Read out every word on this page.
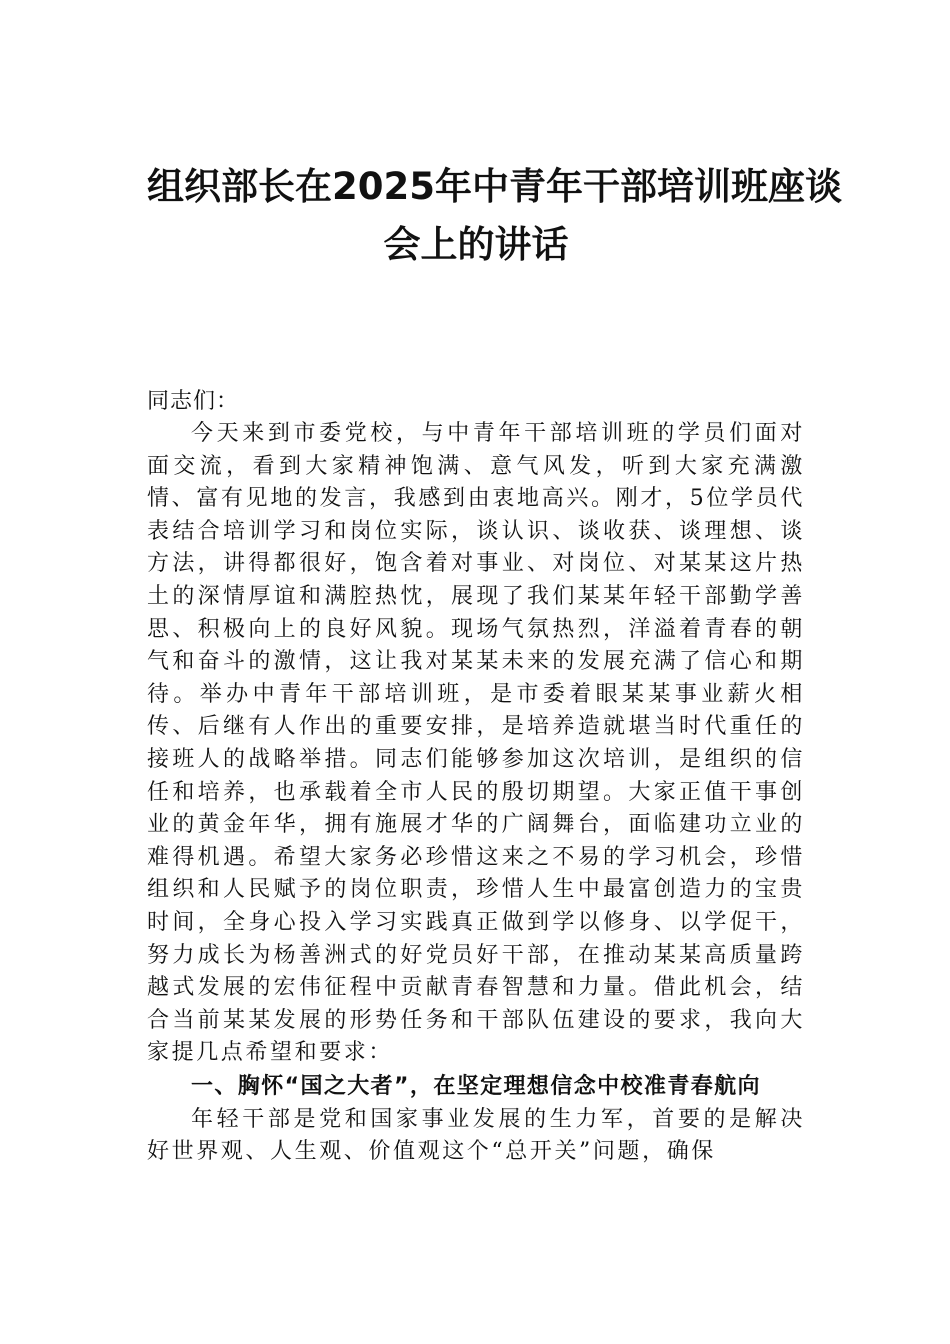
组织部长在2025年中青年干部培训班座谈
会上的讲话

同志们：

今天来到市委党校，与中青年干部培训班的学员们面对面交流，看到大家精神饱满、意气风发，听到大家充满激情、富有见地的发言，我感到由衷地高兴。刚才，5位学员代表结合培训学习和岗位实际，谈认识、谈收获、谈理想、谈方法，讲得都很好，饱含着对事业、对岗位、对某某这片热土的深情厚谊和满腔热忱，展现了我们某某年轻干部勤学善思、积极向上的良好风貌。现场气氛热烈，洋溢着青春的朝气和奋斗的激情，这让我对某某未来的发展充满了信心和期待。举办中青年干部培训班，是市委着眼某某事业薪火相传、后继有人作出的重要安排，是培养造就堪当时代重任的接班人的战略举措。同志们能够参加这次培训，是组织的信任和培养，也承载着全市人民的殷切期望。大家正值干事创业的黄金年华，拥有施展才华的广阔舞台，面临建功立业的难得机遇。希望大家务必珍惜这来之不易的学习机会，珍惜组织和人民赋予的岗位职责，珍惜人生中最富创造力的宝贵时间，全身心投入学习实践真正做到学以修身、以学促干，努力成长为杨善洲式的好党员好干部，在推动某某高质量跨越式发展的宏伟征程中贡献青春智慧和力量。借此机会，结合当前某某发展的形势任务和干部队伍建设的要求，我向大家提几点希望和要求：

一、胸怀“国之大者”，在坚定理想信念中校准青春航向

年轻干部是党和国家事业发展的生力军，首要的是解决好世界观、人生观、价值观这个“总开关”问题，确保
